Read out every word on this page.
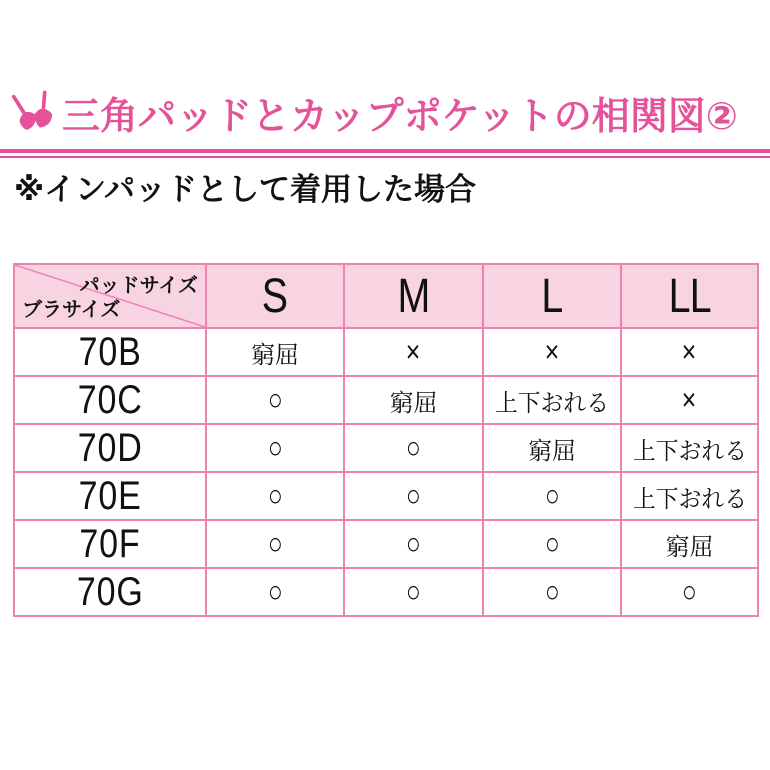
三角パッドとカップポケットの相関図②
※インパッドとして着用した場合
パッドサイズ
ブラサイズ	S	M	L	LL
70B	窮屈	×	×	×
70C	○	窮屈	上下おれる	×
70D	○	○	窮屈	上下おれる
70E	○	○	○	上下おれる
70F	○	○	○	窮屈
70G	○	○	○	○
